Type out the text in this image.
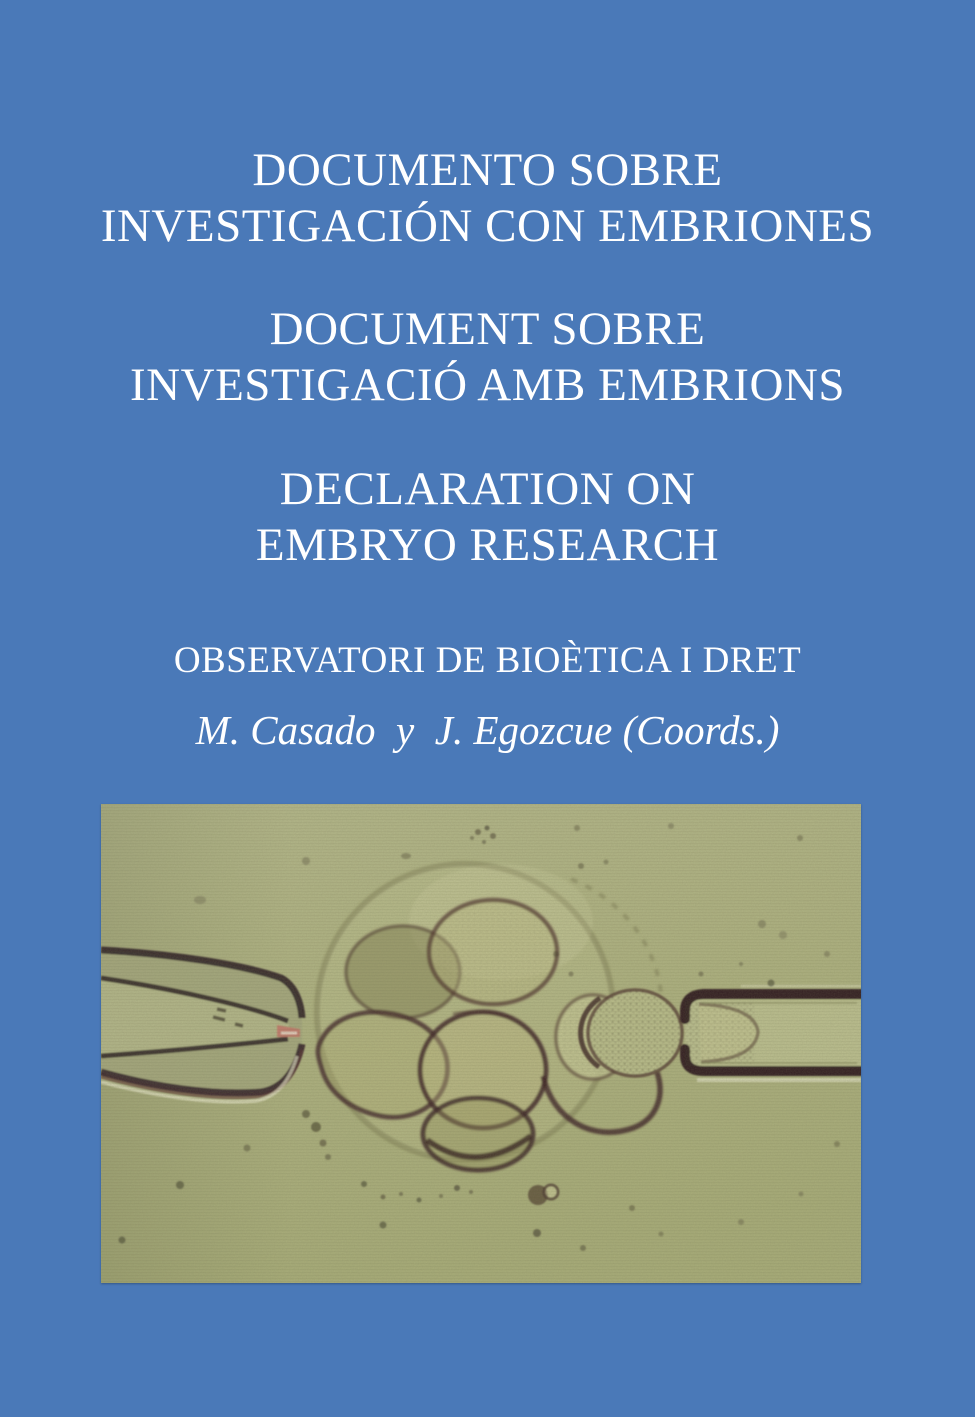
DOCUMENTO SOBRE
INVESTIGACIÓN CON EMBRIONES
DOCUMENT SOBRE
INVESTIGACIÓ AMB EMBRIONS
DECLARATION ON
EMBRYO RESEARCH

OBSERVATORI DE BIOÈTICA I DRET

M. Casado  y  J. Egozcue (Coords.)
